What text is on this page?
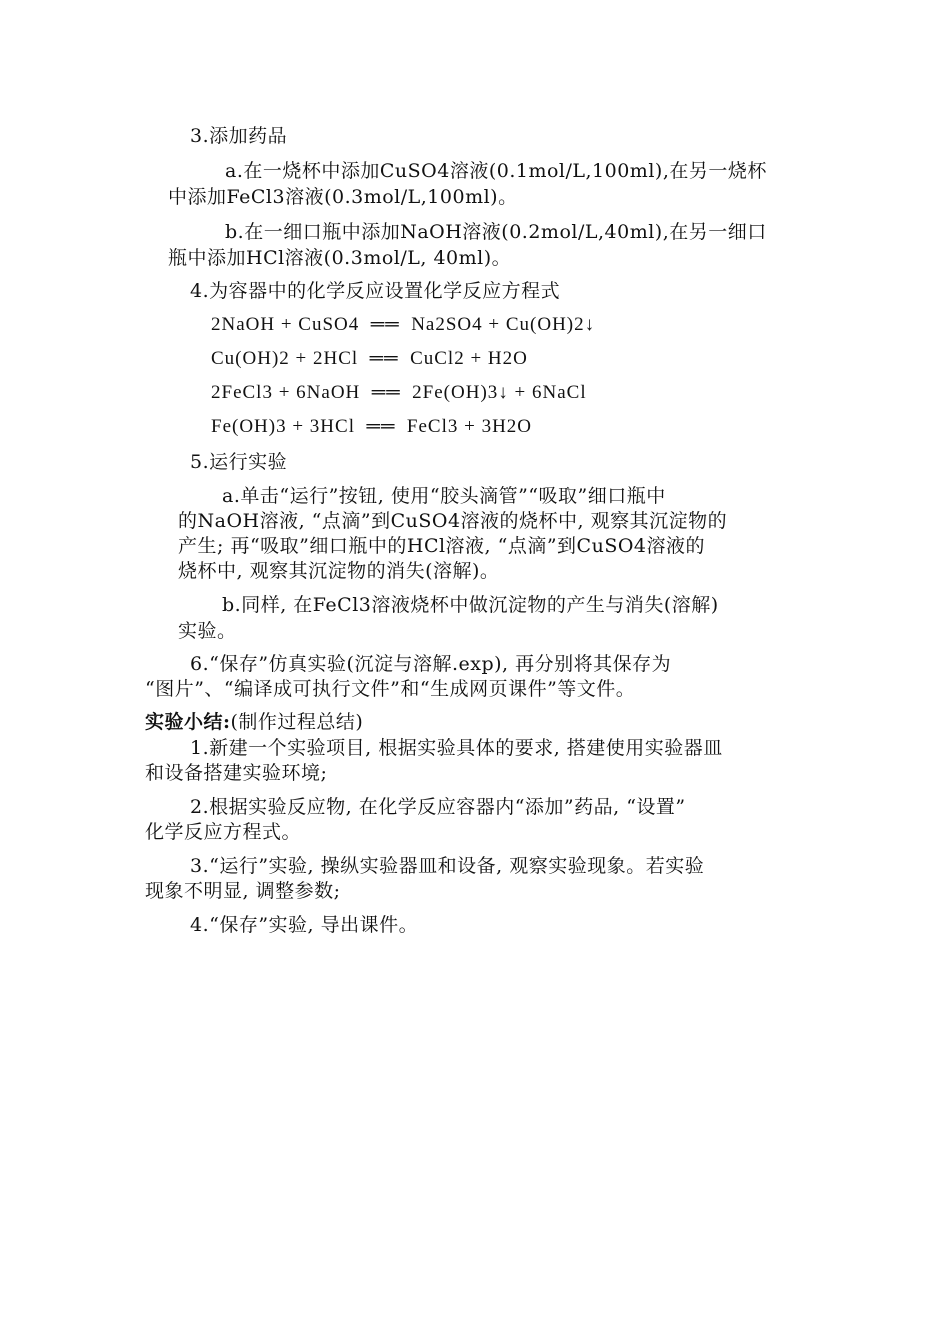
3.添加药品
a.在一烧杯中添加CuSO4溶液(0.1mol/L,100ml),在另一烧杯
中添加FeCl3溶液(0.3mol/L,100ml)。
b.在一细口瓶中添加NaOH溶液(0.2mol/L,40ml),在另一细口
瓶中添加HCl溶液(0.3mol/L, 40ml)。
4.为容器中的化学反应设置化学反应方程式
2NaOH + CuSO4  ══  Na2SO4 + Cu(OH)2↓
Cu(OH)2 + 2HCl  ══  CuCl2 + H2O
2FeCl3 + 6NaOH  ══  2Fe(OH)3↓ + 6NaCl
Fe(OH)3 + 3HCl  ══  FeCl3 + 3H2O
5.运行实验
a.单击“运行”按钮, 使用“胶头滴管”“吸取”细口瓶中
的NaOH溶液, “点滴”到CuSO4溶液的烧杯中, 观察其沉淀物的
产生; 再“吸取”细口瓶中的HCl溶液, “点滴”到CuSO4溶液的
烧杯中, 观察其沉淀物的消失(溶解)。
b.同样, 在FeCl3溶液烧杯中做沉淀物的产生与消失(溶解)
实验。
6.“保存”仿真实验(沉淀与溶解.exp), 再分别将其保存为
“图片”、“编译成可执行文件”和“生成网页课件”等文件。
实验小结:(制作过程总结)
1.新建一个实验项目, 根据实验具体的要求, 搭建使用实验器皿
和设备搭建实验环境;
2.根据实验反应物, 在化学反应容器内“添加”药品, “设置”
化学反应方程式。
3.“运行”实验, 操纵实验器皿和设备, 观察实验现象。若实验
现象不明显, 调整参数;
4.“保存”实验, 导出课件。
